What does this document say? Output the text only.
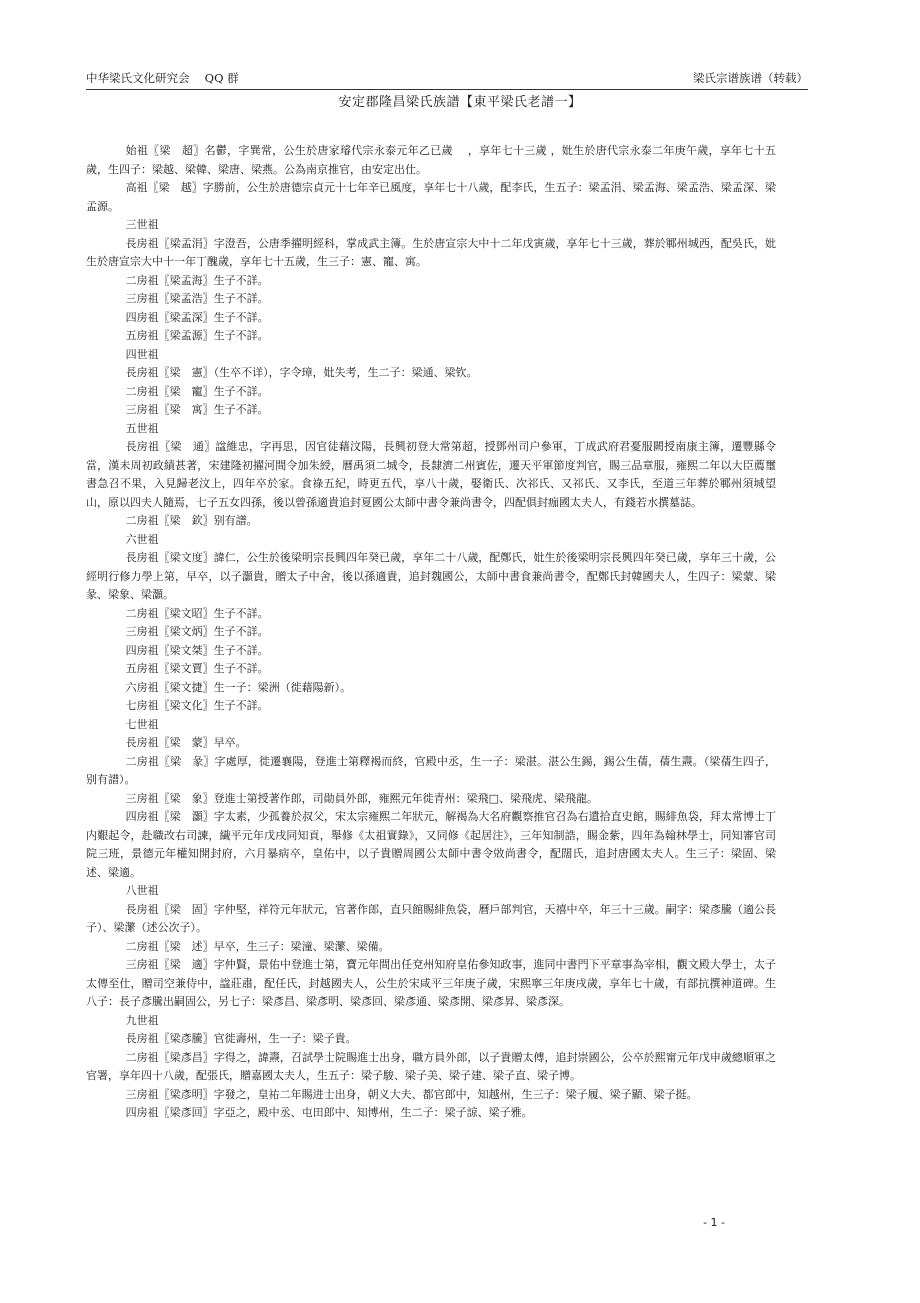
中华梁氏文化研究会　 QQ 群	梁氏宗谱族谱（转载）
安定郡隆昌梁氏族譜【東平梁氏老譜一】

始祖〖梁　超〗名鬱，字巽常，公生於唐家璿代宗永泰元年乙已歲　 ，享年七十三歲 ，妣生於唐代宗永泰二年庚午歲，享年七十五歲，生四子：梁越、梁韓、梁唐、梁燕。公為南京推官，由安定出仕。

高祖〖梁　越〗字勝前，公生於唐德宗貞元十七年辛已風度，享年七十八歲，配李氏，生五子：梁孟涓、梁孟海、梁孟浩、梁孟深、梁孟源。

三世祖

長房祖〖梁孟涓〗字澄吾，公唐季擢明經科，掌成武主簿。生於唐宣宗大中十二年戊寅歲，享年七十三歲，葬於鄆州城西，配吳氏，妣生於唐宣宗大中十一年丁醜歲，享年七十五歲，生三子：憲、寵、寓。

二房祖〖梁孟海〗生子不詳。

三房祖〖梁孟浩〗生子不詳。

四房祖〖梁孟深〗生子不詳。

五房祖〖梁孟源〗生子不詳。

四世祖

長房祖〖梁　憲〗（生卒不详），字令璋，妣失考，生二子：梁通、梁钦。

二房祖〖梁　寵〗生子不詳。

三房祖〖梁　寓〗生子不詳。

五世祖

長房祖〖梁　通〗諡維忠，字再思，因官徒藉汶陽，長興初登大常第超，授鄧州司户參軍，丁成武府君憂服闕授南康主簿，遷豐縣令當，漢未周初政績甚著，宋建隆初擢河間令加朱綬，曆禹須二城令，長隸濟二州賓佐，遷天平軍節度判官，賜三品章服，雍熙二年以大臣薦璽書急召不果，入見歸老汶上，四年卒於家。食祿五紀，時更五代，享八十歲，娶衛氏、次祁氏、又祁氏、又李氏，至道三年葬於鄆州須城望山，原以四夫人隨焉，七子五女四孫，後以曾孫適貴追封夏國公太師中書令兼尚書令，四配俱封痂國太夫人，有錢若水撰墓誌。

二房祖〖梁　欽〗别有譜。

六世祖

長房祖〖梁文度〗諱仁，公生於後梁明宗長興四年癸已歲，享年二十八歲，配鄭氏，妣生於後梁明宗長興四年癸已歲，享年三十歲，公經明行修力學上第，早卒，以子灝貴，贈太子中舍，後以孫適貴，追封魏國公，太師中書食兼尚書令，配鄭氏封韓國夫人，生四子：梁蒙、梁彖、梁象、梁灝。

二房祖〖梁文昭〗生子不詳。

三房祖〖梁文炳〗生子不詳。

四房祖〖梁文桀〗生子不詳。

五房祖〖梁文賈〗生子不詳。

六房祖〖梁文捷〗生一子：梁洲（徙藉陽新）。

七房祖〖梁文化〗生子不詳。

七世祖

長房祖〖梁　蒙〗早卒。

二房祖〖梁　彖〗字處厚，徙遷襄陽，登進士第釋褐而終，官殿中丞，生一子：梁湛。湛公生錫，錫公生蒨，蒨生燾。（梁蒨生四子，别有譜）。

三房祖〖梁　象〗登進士第授著作郎，司勛員外郎，雍熙元年徙青州：梁飛□、梁飛虎、梁飛龍。

四房祖〖梁　灝〗字太素，少孤養於叔父，宋太宗雍熙二年狀元，解褐為大名府觀察推官召為右遺拾直史館，賜緋魚袋，拜太常博士丁内艱起令，赴職改右司諫，繊平元年戊戌同知貢，舉修《太祖實錄》，又同修《起居注》，三年知制誥，賜金紫，四年為翰林學士，同知審官司院三班，景德元年權知開封府，六月暴病卒，皇佑中，以子貴贈周國公太師中書令敚尚書令，配闊氏，追封唐國太夫人。生三子：梁固、梁述、梁適。

八世祖

長房祖〖梁　固〗字仲堅，祥符元年狀元，官著作郎，直只館賜緋魚袋，曆戶部判官，天禧中卒，年三十三歲。嗣字：梁彥騰（適公長子）、梁瀿（述公次子）。

二房祖〖梁　述〗早卒，生三子：梁潼、梁瀿、梁備。

三房祖〖梁　適〗字仲賢，景佑中登進士第，寶元年間出任兗州知府皇佑參知政事，進同中書門下平章事為宰相，觀文殿大學士，太子太傳至仕，贈司空兼侍中，諡莊肅，配任氏，封越國夫人，公生於宋咸平三年庚子歲，宋熙寧三年庚戌歲，享年七十歲，有部抗撰神道碑。生八子：長子彥騰出嗣固公，另七子：梁彥昌、梁彥明、梁彥回、梁彥通、梁彥開、梁彥昇、梁彥深。

九世祖

長房祖〖梁彥騰〗官徙壽州，生一子：梁子貴。

二房祖〖梁彥昌〗字得之，諱燾，召試學士院賜進士出身，職方員外郎，以子貴贈太傅，追封崇國公，公卒於熙甯元年戊申歲總順軍之官署，享年四十八歲，配張氏，贈嘉國太夫人，生五子：梁子駿、梁子美、梁子建、梁子直、梁子博。

三房祖〖梁彥明〗字發之，皇祐二年賜进士出身，朝义大夫、都官郎中，知越州，生三子：梁子履、梁子顯、梁子挺。

四房祖〖梁彥回〗字亞之，殿中丞、屯田郎中、知博州，生二子：梁子諒、梁子雅。

- 1 -
